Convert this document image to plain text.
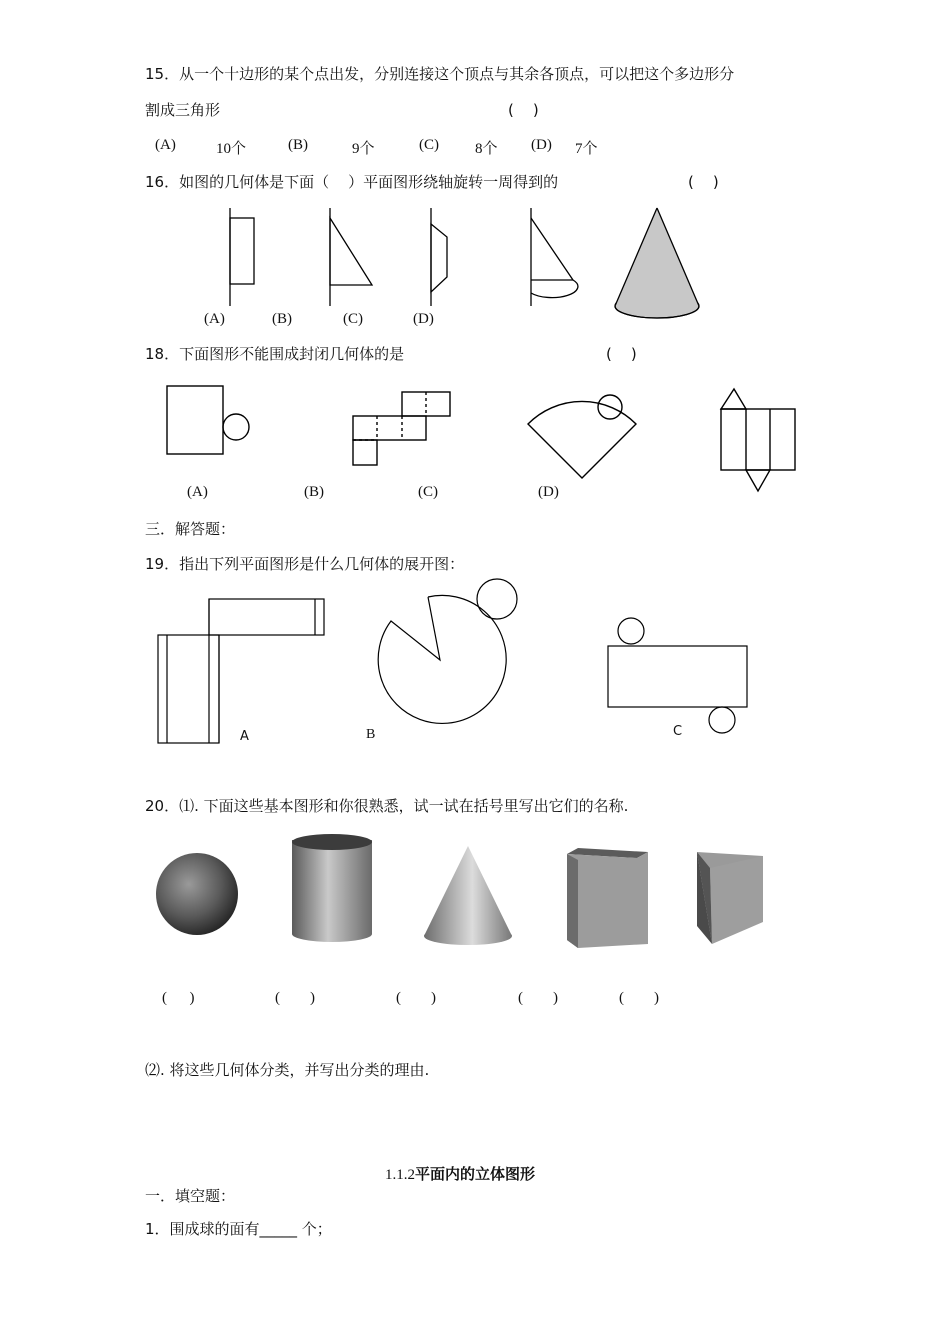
15．从一个十边形的某个点出发，分别连接这个顶点与其余各顶点，可以把这个多边形分
割成三角形	(    )
(A)	10个	(B)	9个	(C) 8个 (D) 7个
16．如图的几何体是下面（    ）平面图形绕轴旋转一周得到的	(    )
(A)	(B)	(C)	(D)
18．下面图形不能围成封闭几何体的是	(    )
(A)	(B)	(C)	(D)
三．解答题：
19．指出下列平面图形是什么几何体的展开图：
A	B	C
20．⑴. 下面这些基本图形和你很熟悉，试一试在括号里写出它们的名称.
(      )	(        )	(        )	(        )	(        )
⑵. 将这些几何体分类，并写出分类的理由.
1.1.2平面内的立体图形
一．填空题：
1．围成球的面有_____ 个；
